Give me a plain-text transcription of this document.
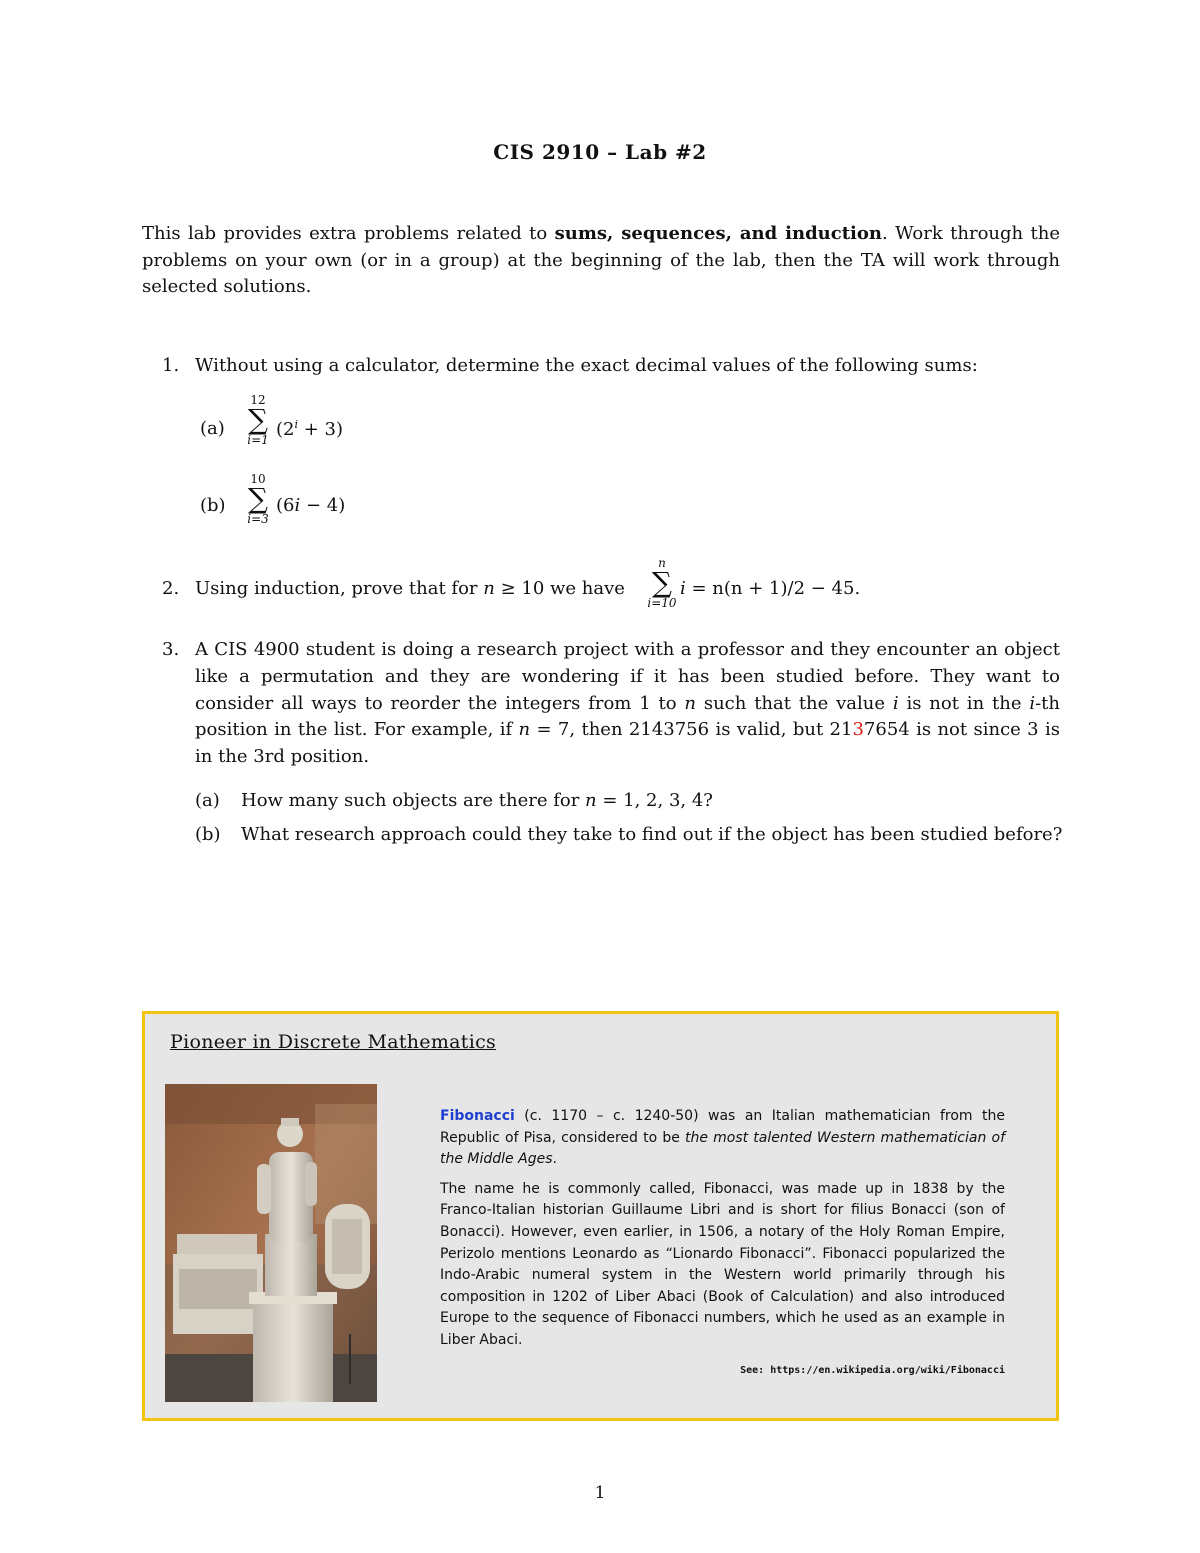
CIS 2910 – Lab #2
This lab provides extra problems related to sums, sequences, and induction. Work through the problems on your own (or in a group) at the beginning of the lab, then the TA will work through selected solutions.
1. Without using a calculator, determine the exact decimal values of the following sums:
(a)
12
∑
i=1 $(2^i + 3)$
(b)
10
∑
i=3
(6i − 4)
2. Using induction, prove that for n ≥ 10 we have
n
∑
i=10
i = n(n + 1)/2 − 45.
3. A CIS 4900 student is doing a research project with a professor and they encounter an object like a permutation and they are wondering if it has been studied before. They want to consider all ways to reorder the integers from 1 to n such that the value i is not in the i-th position in the list. For example, if n = 7, then 2143756 is valid, but 2137654 is not since 3 is in the 3rd position.
(a) How many such objects are there for n = 1, 2, 3, 4?
(b) What research approach could they take to find out if the object has been studied before?
Pioneer in Discrete Mathematics

Fibonacci (c. 1170 – c. 1240-50) was an Italian mathematician from the Republic of Pisa, considered to be the most talented Western mathematician of the Middle Ages.

The name he is commonly called, Fibonacci, was made up in 1838 by the Franco-Italian historian Guillaume Libri and is short for filius Bonacci (son of Bonacci). However, even earlier, in 1506, a notary of the Holy Roman Empire, Perizolo mentions Leonardo as “Lionardo Fibonacci”. Fibonacci popularized the Indo-Arabic numeral system in the Western world primarily through his composition in 1202 of Liber Abaci (Book of Calculation) and also introduced Europe to the sequence of Fibonacci numbers, which he used as an example in Liber Abaci.

See: https://en.wikipedia.org/wiki/Fibonacci
1
